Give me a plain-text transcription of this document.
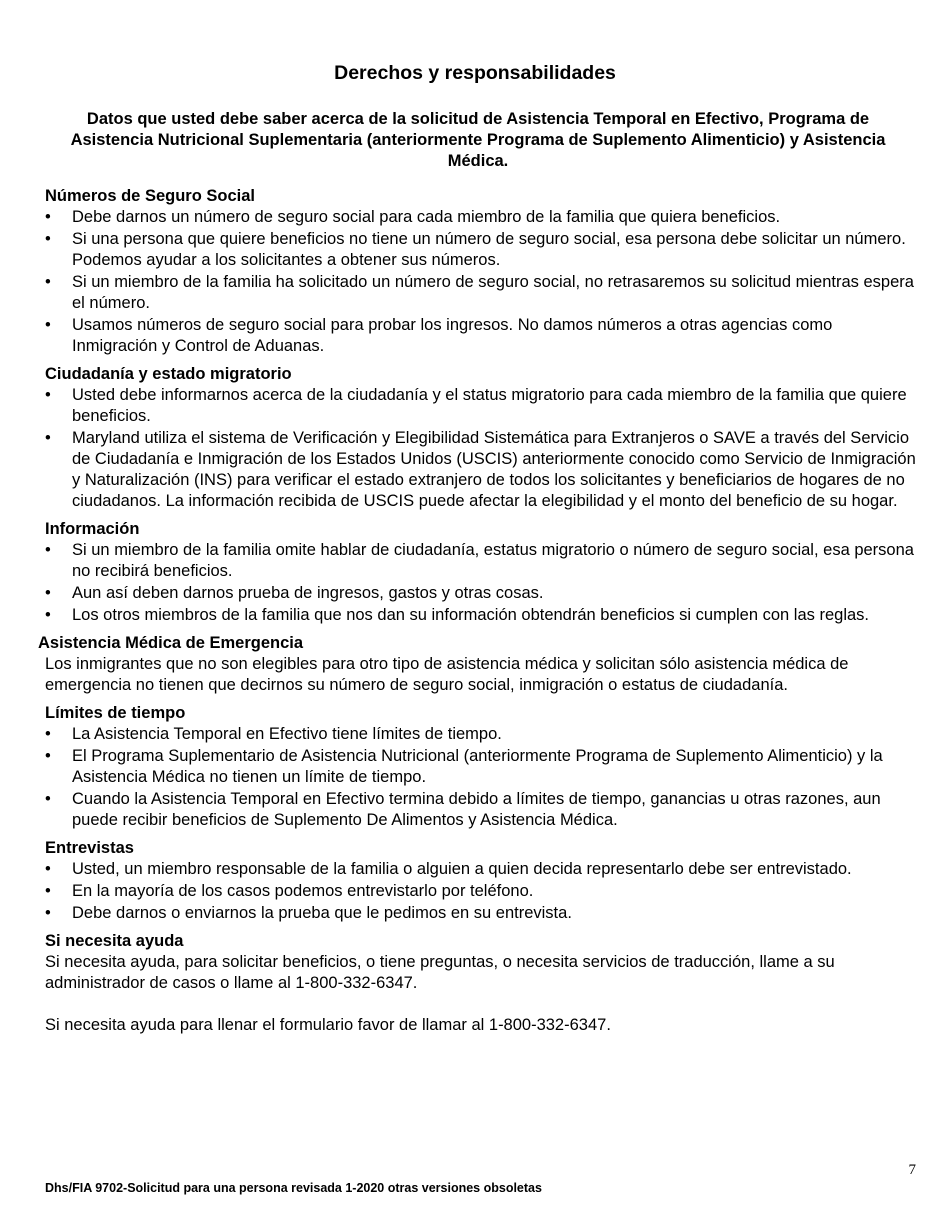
Derechos y responsabilidades
Datos que usted debe saber acerca de la solicitud de Asistencia Temporal en Efectivo, Programa de Asistencia Nutricional Suplementaria (anteriormente Programa de Suplemento Alimenticio) y Asistencia Médica.
Números de Seguro Social
• Debe darnos un número de seguro social para cada miembro de la familia que quiera beneficios.
• Si una persona que quiere beneficios no tiene un número de seguro social, esa persona debe solicitar un número. Podemos ayudar a los solicitantes a obtener sus números.
• Si un miembro de la familia ha solicitado un número de seguro social, no retrasaremos su solicitud mientras espera el número.
• Usamos números de seguro social para probar los ingresos. No damos números a otras agencias como Inmigración y Control de Aduanas.
Ciudadanía y estado migratorio
• Usted debe informarnos acerca de la ciudadanía y el status migratorio para cada miembro de la familia que quiere beneficios.
• Maryland utiliza el sistema de Verificación y Elegibilidad Sistemática para Extranjeros o SAVE a través del Servicio de Ciudadanía e Inmigración de los Estados Unidos (USCIS) anteriormente conocido como Servicio de Inmigración y Naturalización (INS) para verificar el estado extranjero de todos los solicitantes y beneficiarios de hogares de no ciudadanos. La información recibida de USCIS puede afectar la elegibilidad y el monto del beneficio de su hogar.
Información
• Si un miembro de la familia omite hablar de ciudadanía, estatus migratorio o número de seguro social, esa persona no recibirá beneficios.
• Aun así deben darnos prueba de ingresos, gastos y otras cosas.
• Los otros miembros de la familia que nos dan su información obtendrán beneficios si cumplen con las reglas.
Asistencia Médica de Emergencia

Los inmigrantes que no son elegibles para otro tipo de asistencia médica y solicitan sólo asistencia médica de emergencia no tienen que decirnos su número de seguro social, inmigración o estatus de ciudadanía.

Límites de tiempo
• La Asistencia Temporal en Efectivo tiene límites de tiempo.
• El Programa Suplementario de Asistencia Nutricional (anteriormente Programa de Suplemento Alimenticio) y la Asistencia Médica no tienen un límite de tiempo.
• Cuando la Asistencia Temporal en Efectivo termina debido a límites de tiempo, ganancias u otras razones, aun puede recibir beneficios de Suplemento De Alimentos y Asistencia Médica.
Entrevistas
• Usted, un miembro responsable de la familia o alguien a quien decida representarlo debe ser entrevistado.
• En la mayoría de los casos podemos entrevistarlo por teléfono.
• Debe darnos o enviarnos la prueba que le pedimos en su entrevista.
Si necesita ayuda

Si necesita ayuda, para solicitar beneficios, o tiene preguntas, o necesita servicios de traducción, llame a su administrador de casos o llame al 1-800-332-6347.

Si necesita ayuda para llenar el formulario favor de llamar al 1-800-332-6347.

7
Dhs/FIA 9702-Solicitud para una persona revisada 1-2020 otras versiones obsoletas
